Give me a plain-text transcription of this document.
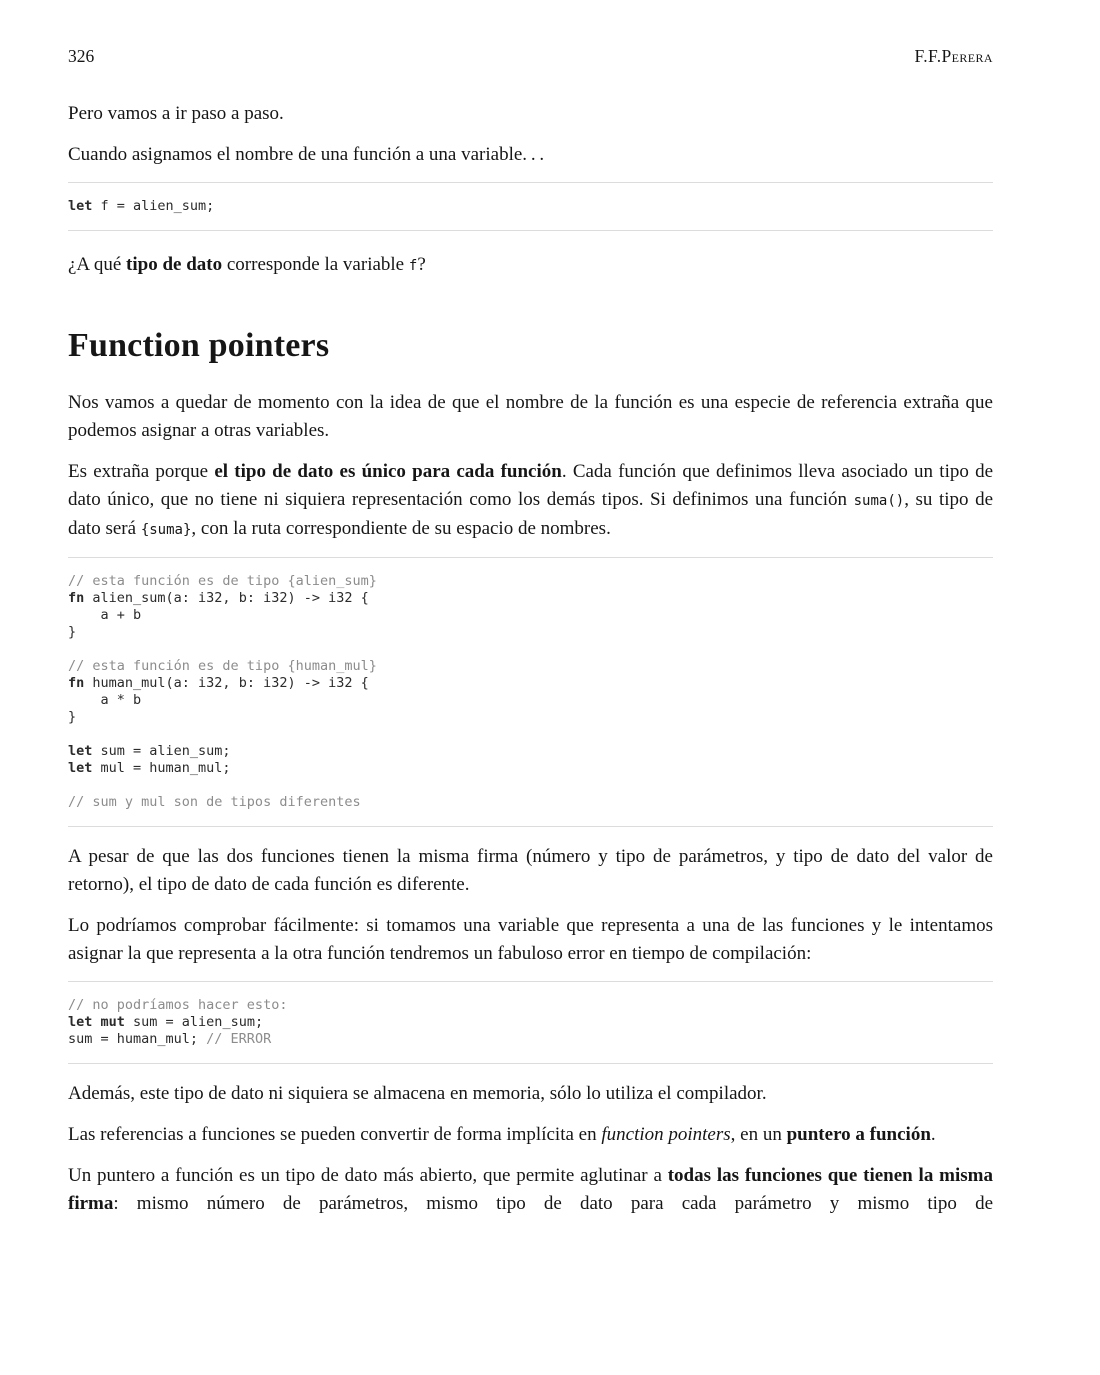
326	F.F.Perera

Pero vamos a ir paso a paso.

Cuando asignamos el nombre de una función a una variable. . .

let f = alien_sum;

¿A qué tipo de dato corresponde la variable f?

Function pointers

Nos vamos a quedar de momento con la idea de que el nombre de la función es una especie de referencia extraña que podemos asignar a otras variables.

Es extraña porque el tipo de dato es único para cada función. Cada función que definimos lleva asociado un tipo de dato único, que no tiene ni siquiera representación como los demás tipos. Si definimos una función suma(), su tipo de dato será {suma}, con la ruta correspondiente de su espacio de nombres.

// esta función es de tipo {alien_sum}
fn alien_sum(a: i32, b: i32) -> i32 {
a + b
}
// esta función es de tipo {human_mul}
fn human_mul(a: i32, b: i32) -> i32 {
a * b
}
let sum = alien_sum;
let mul = human_mul;
// sum y mul son de tipos diferentes

A pesar de que las dos funciones tienen la misma firma (número y tipo de parámetros, y tipo de dato del valor de retorno), el tipo de dato de cada función es diferente.

Lo podríamos comprobar fácilmente: si tomamos una variable que representa a una de las funciones y le intentamos asignar la que representa a la otra función tendremos un fabuloso error en tiempo de compilación:

// no podríamos hacer esto:
let mut sum = alien_sum;
sum = human_mul; // ERROR

Además, este tipo de dato ni siquiera se almacena en memoria, sólo lo utiliza el compilador.

Las referencias a funciones se pueden convertir de forma implícita en function pointers, en un puntero a función.

Un puntero a función es un tipo de dato más abierto, que permite aglutinar a todas las funciones que tienen la misma firma: mismo número de parámetros, mismo tipo de dato para cada parámetro y mismo tipo de
